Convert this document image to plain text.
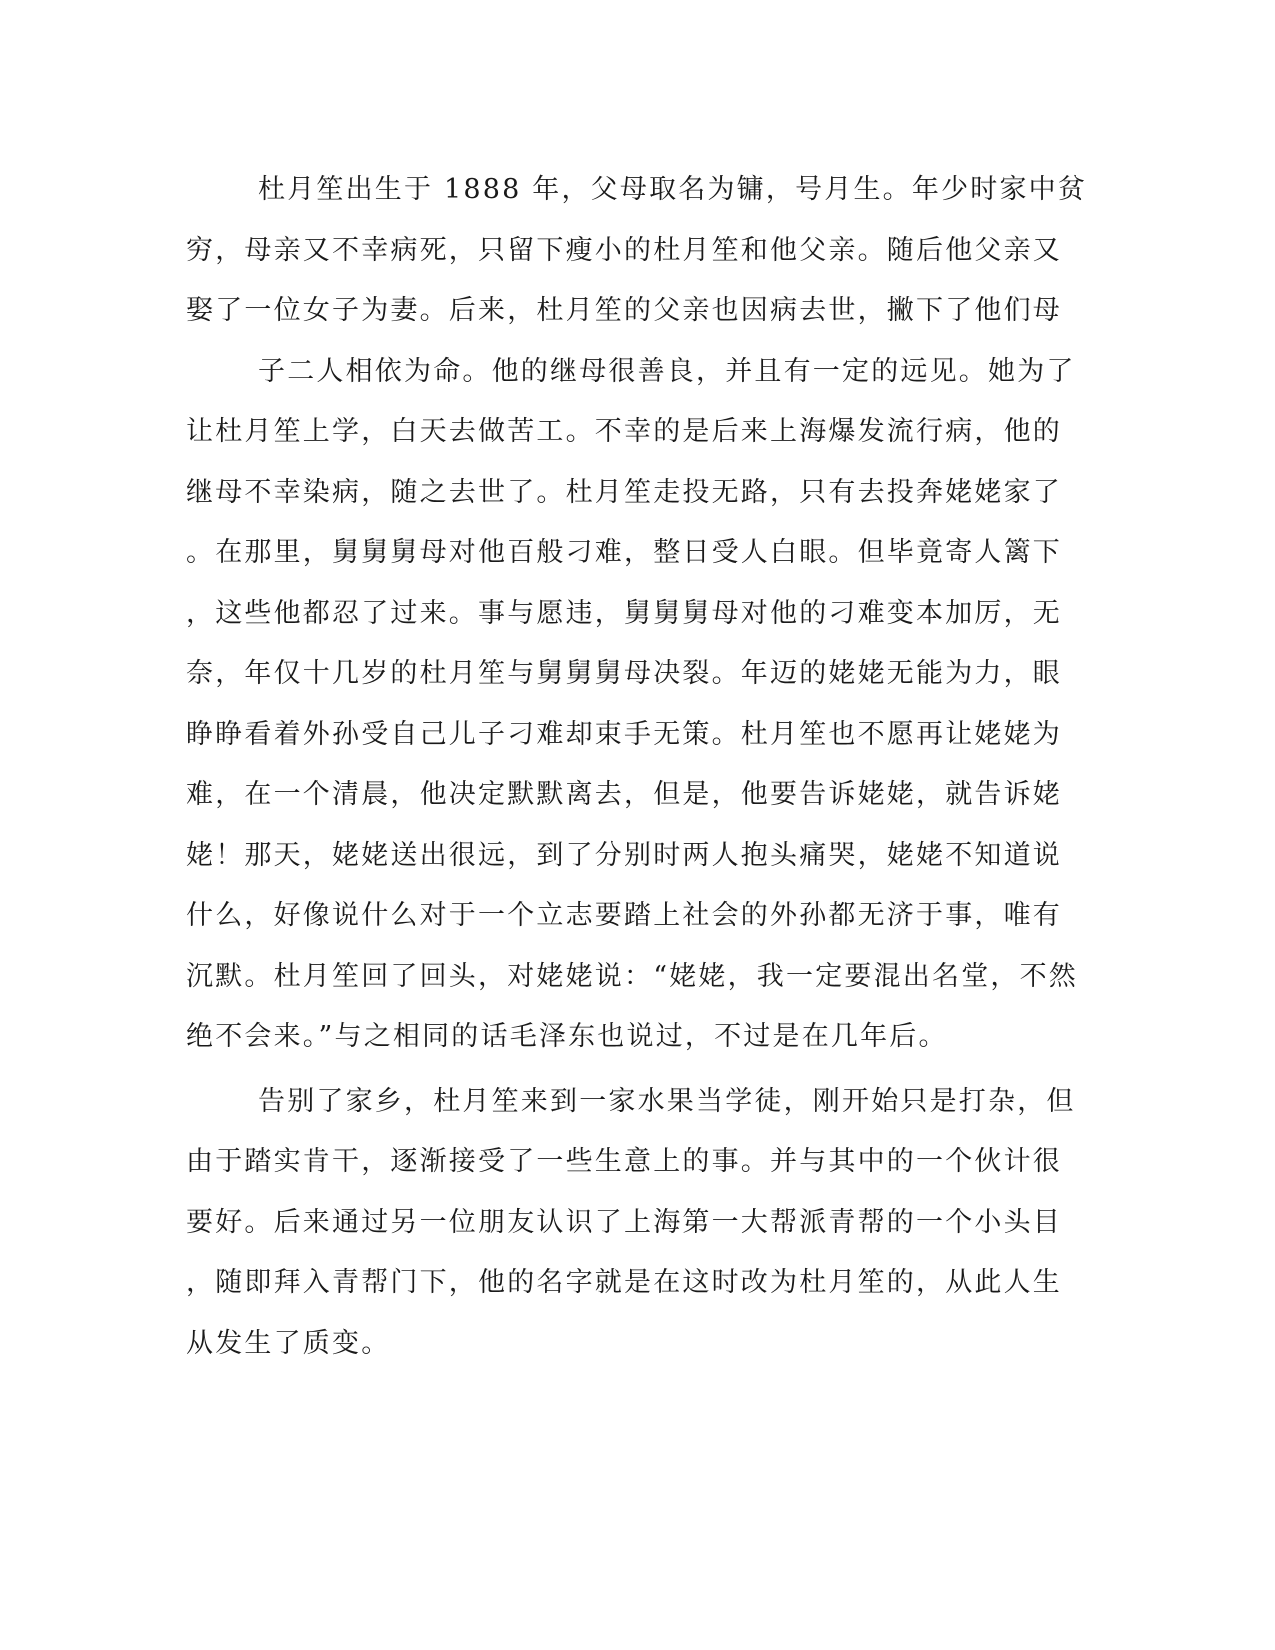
杜月笙出生于 1888 年，父母取名为镛，号月生。年少时家中贫
穷，母亲又不幸病死，只留下瘦小的杜月笙和他父亲。随后他父亲又
娶了一位女子为妻。后来，杜月笙的父亲也因病去世，撇下了他们母
子二人相依为命。他的继母很善良，并且有一定的远见。她为了
让杜月笙上学，白天去做苦工。不幸的是后来上海爆发流行病，他的
继母不幸染病，随之去世了。杜月笙走投无路，只有去投奔姥姥家了
。在那里，舅舅舅母对他百般刁难，整日受人白眼。但毕竟寄人篱下
，这些他都忍了过来。事与愿违，舅舅舅母对他的刁难变本加厉，无
奈，年仅十几岁的杜月笙与舅舅舅母决裂。年迈的姥姥无能为力，眼
睁睁看着外孙受自己儿子刁难却束手无策。杜月笙也不愿再让姥姥为
难，在一个清晨，他决定默默离去，但是，他要告诉姥姥，就告诉姥
姥！那天，姥姥送出很远，到了分别时两人抱头痛哭，姥姥不知道说
什么，好像说什么对于一个立志要踏上社会的外孙都无济于事，唯有
沉默。杜月笙回了回头，对姥姥说：“姥姥，我一定要混出名堂，不然
绝不会来。”与之相同的话毛泽东也说过，不过是在几年后。
告别了家乡，杜月笙来到一家水果当学徒，刚开始只是打杂，但
由于踏实肯干，逐渐接受了一些生意上的事。并与其中的一个伙计很
要好。后来通过另一位朋友认识了上海第一大帮派青帮的一个小头目
，随即拜入青帮门下，他的名字就是在这时改为杜月笙的，从此人生
从发生了质变。
